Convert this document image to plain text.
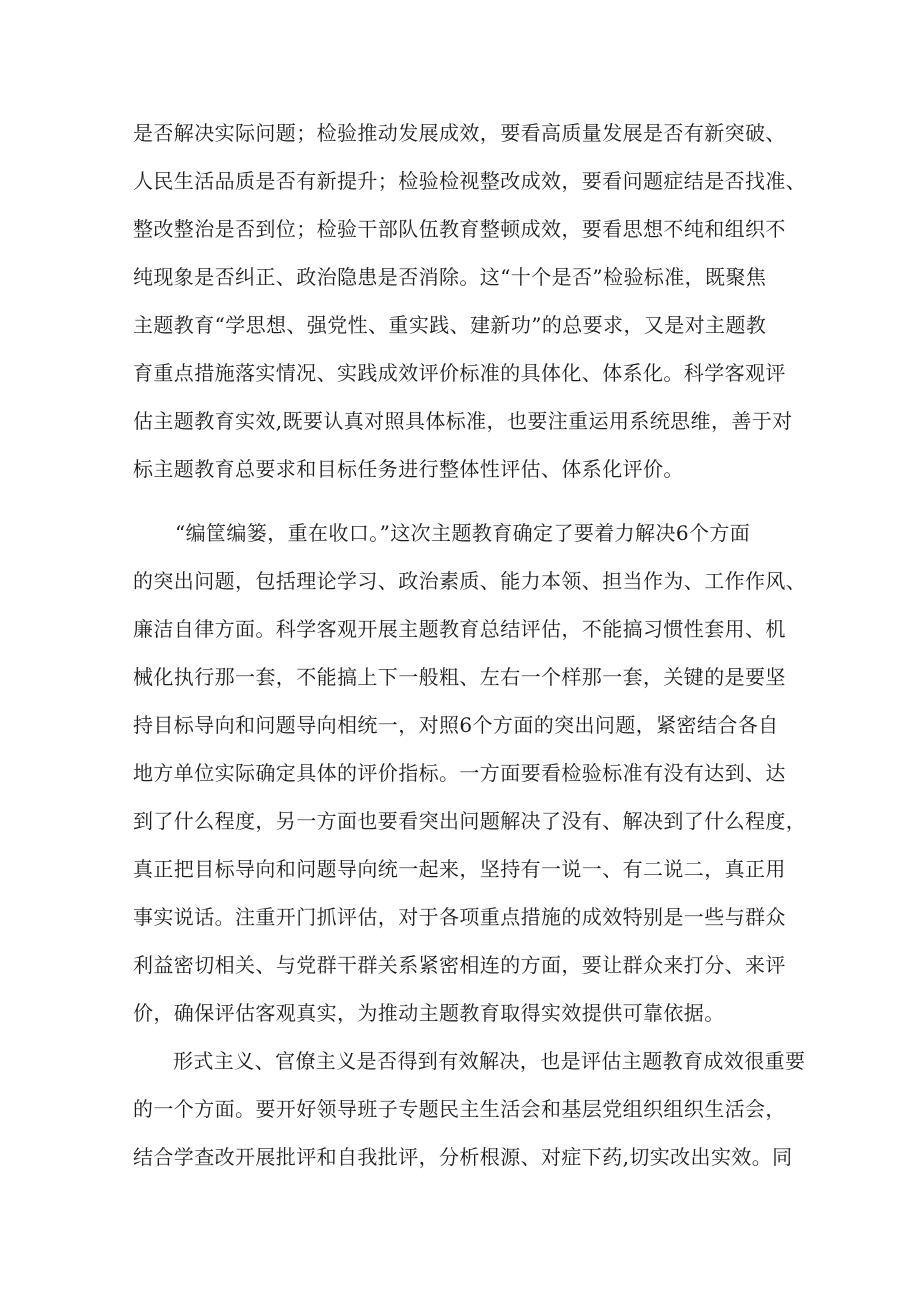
是否解决实际问题；检验推动发展成效，要看高质量发展是否有新突破、

人民生活品质是否有新提升；检验检视整改成效，要看问题症结是否找准、

整改整治是否到位；检验干部队伍教育整顿成效，要看思想不纯和组织不

纯现象是否纠正、政治隐患是否消除。这“十个是否”检验标准，既聚焦

主题教育“学思想、强党性、重实践、建新功”的总要求，又是对主题教

育重点措施落实情况、实践成效评价标准的具体化、体系化。科学客观评

估主题教育实效,既要认真对照具体标准，也要注重运用系统思维，善于对

标主题教育总要求和目标任务进行整体性评估、体系化评价。

“编筐编篓，重在收口。”这次主题教育确定了要着力解决6个方面

的突出问题，包括理论学习、政治素质、能力本领、担当作为、工作作风、

廉洁自律方面。科学客观开展主题教育总结评估，不能搞习惯性套用、机

械化执行那一套，不能搞上下一般粗、左右一个样那一套，关键的是要坚

持目标导向和问题导向相统一，对照6个方面的突出问题，紧密结合各自

地方单位实际确定具体的评价指标。一方面要看检验标准有没有达到、达

到了什么程度，另一方面也要看突出问题解决了没有、解决到了什么程度，

真正把目标导向和问题导向统一起来，坚持有一说一、有二说二，真正用

事实说话。注重开门抓评估，对于各项重点措施的成效特别是一些与群众

利益密切相关、与党群干群关系紧密相连的方面，要让群众来打分、来评

价，确保评估客观真实，为推动主题教育取得实效提供可靠依据。

形式主义、官僚主义是否得到有效解决，也是评估主题教育成效很重要

的一个方面。要开好领导班子专题民主生活会和基层党组织组织生活会，

结合学查改开展批评和自我批评，分析根源、对症下药,切实改出实效。同
